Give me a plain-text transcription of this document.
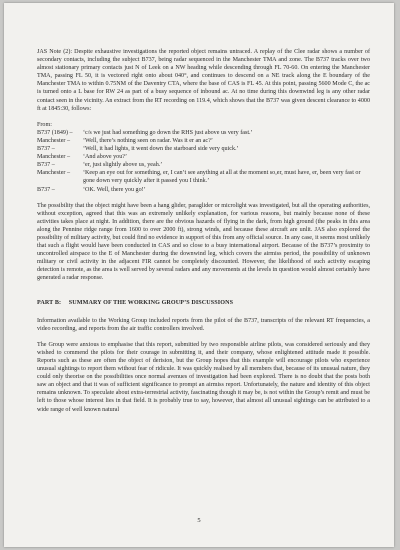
JAS Note (2): Despite exhaustive investigations the reported object remains untraced. A replay of the Clee radar shows a number of secondary contacts, including the subject B737, being radar sequenced in the Manchester TMA and zone. The B737 tracks over two almost stationary primary contacts just N of Leek on a NW heading while descending through FL 70-60. On entering the Manchester TMA, passing FL 50, it is vectored right onto about 040°, and continues to descend on a NE track along the E boundary of the Manchester TMA to within 0.75NM of the Daventry CTA, where the base of CAS is FL 45. At this point, passing 5600 Mode C, the ac is turned onto a L base for RW 24 as part of a busy sequence of inbound ac. At no time during this downwind leg is any other radar contact seen in the vicinity. An extract from the RT recording on 119.4, which shows that the B737 was given descent clearance to 4000 ft at 1845:30, follows:

From:
B737 (1849) –	‘c/s we just had something go down the RHS just above us very fast.’
Manchester –	‘Well, there’s nothing seen on radar. Was it er an ac?’
B737 –	‘Well, it had lights, it went down the starboard side very quick.’
Manchester –	‘And above you?’
B737 –	‘er, just slightly above us, yeah.’
Manchester –	‘Keep an eye out for something, er, I can’t see anything at all at the moment so,er, must have, er, been very fast or gone down very quickly after it passed you I think.’
B737 –	‘OK. Well, there you go!’

The possibility that the object might have been a hang glider, paraglider or microlight was investigated, but all the operating authorities, without exception, agreed that this was an extremely unlikely explanation, for various reasons, but mainly because none of these activities takes place at night. In addition, there are the obvious hazards of flying in the dark, from high ground (the peaks in this area along the Pennine ridge range from 1600 to over 2000 ft), strong winds, and because these aircraft are unlit. JAS also explored the possibility of military activity, but could find no evidence in support of this from any official source. In any case, it seems most unlikely that such a flight would have been conducted in CAS and so close to a busy international airport. Because of the B737’s proximity to uncontrolled airspace to the E of Manchester during the downwind leg, which covers the airmiss period, the possibility of unknown military or civil activity in the adjacent FIR cannot be completely discounted. However, the likelihood of such activity escaping detection is remote, as the area is well served by several radars and any movements at the levels in question would almost certainly have generated a radar response.

PART B: SUMMARY OF THE WORKING GROUP’S DISCUSSIONS

Information available to the Working Group included reports from the pilot of the B737, transcripts of the relevant RT frequencies, a video recording, and reports from the air traffic controllers involved.

The Group were anxious to emphasise that this report, submitted by two responsible airline pilots, was considered seriously and they wished to commend the pilots for their courage in submitting it, and their company, whose enlightened attitude made it possible. Reports such as these are often the object of derision, but the Group hopes that this example will encourage pilots who experience unusual sightings to report them without fear of ridicule. It was quickly realised by all members that, because of its unusual nature, they could only theorise on the possibilities once normal avenues of investigation had been explored. There is no doubt that the posts both saw an object and that it was of sufficient significance to prompt an airmiss report. Unfortunately, the nature and identity of this object remains unknown. To speculate about extra-terrestrial activity, fascinating though it may be, is not within the Group’s remit and must be left to those whose interest lies in that field. It is probably true to say, however, that almost all unusual sightings can be attributed to a wide range of well known natural

5
